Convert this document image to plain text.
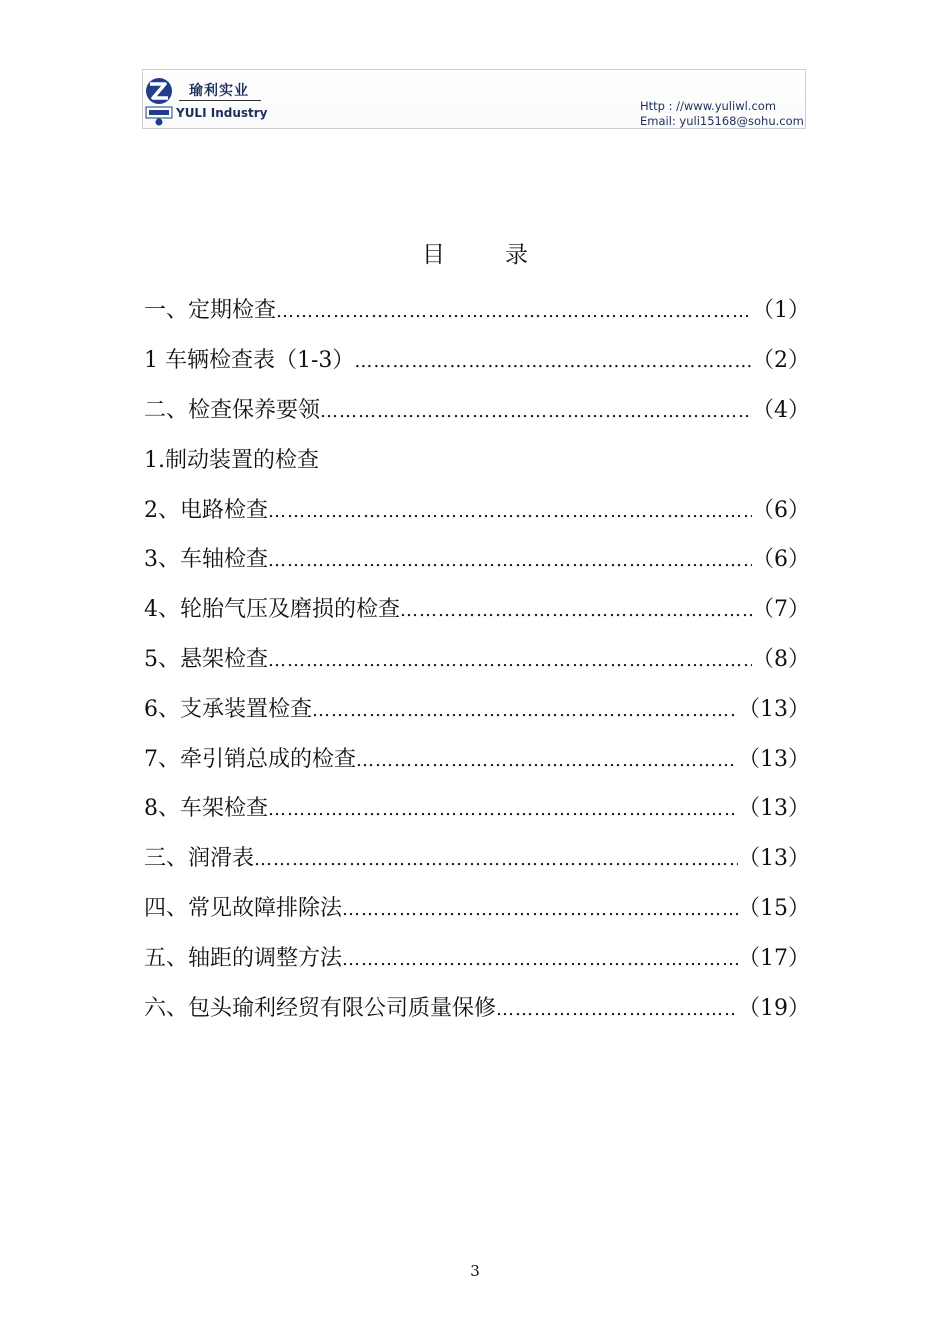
瑜利实业
YULI Industry	Http : //www.yuliwl.com
Email: yuli15168@sohu.com
目	录
一、定期检查 …………………………………………………………………………………………………………………………………………	（1）
1 车辆检查表（1-3） …………………………………………………………………………………………………………………………………………	（2）
二、检查保养要领 …………………………………………………………………………………………………………………………………………	（4）
1.制动装置的检查
2、电路检查 …………………………………………………………………………………………………………………………………………	（6）
3、车轴检查 …………………………………………………………………………………………………………………………………………	（6）
4、轮胎气压及磨损的检查 …………………………………………………………………………………………………………………………………………	（7）
5、悬架检查 …………………………………………………………………………………………………………………………………………	（8）
6、支承装置检查 …………………………………………………………………………………………………………………………………………	（13）
7、牵引销总成的检查 …………………………………………………………………………………………………………………………………………	（13）
8、车架检查 …………………………………………………………………………………………………………………………………………	（13）
三、润滑表 …………………………………………………………………………………………………………………………………………	（13）
四、常见故障排除法 …………………………………………………………………………………………………………………………………………	（15）
五、轴距的调整方法 …………………………………………………………………………………………………………………………………………	（17）
六、包头瑜利经贸有限公司质量保修 …………………………………………………………………………………………………………………………………………	（19）
3
